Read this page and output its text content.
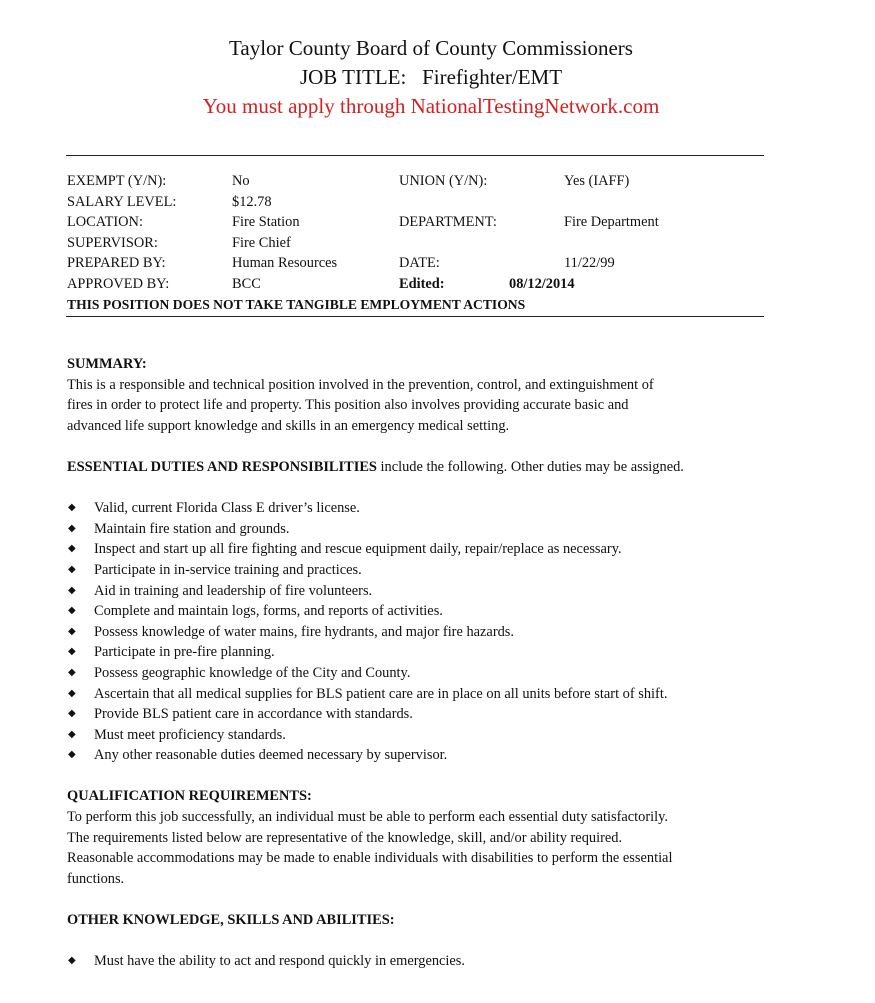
Taylor County Board of County Commissioners
JOB TITLE: Firefighter/EMT
You must apply through NationalTestingNetwork.com
EXEMPT (Y/N):	No	UNION (Y/N):	Yes (IAFF)
SALARY LEVEL:	$12.78
LOCATION:	Fire Station	DEPARTMENT:	Fire Department
SUPERVISOR:	Fire Chief
PREPARED BY:	Human Resources	DATE:	11/22/99
APPROVED BY:	BCC	Edited:	08/12/2014
THIS POSITION DOES NOT TAKE TANGIBLE EMPLOYMENT ACTIONS
SUMMARY:
This is a responsible and technical position involved in the prevention, control, and extinguishment of
fires in order to protect life and property. This position also involves providing accurate basic and
advanced life support knowledge and skills in an emergency medical setting.
ESSENTIAL DUTIES AND RESPONSIBILITIES include the following. Other duties may be assigned.
◆ Valid, current Florida Class E driver’s license.
◆ Maintain fire station and grounds.
◆ Inspect and start up all fire fighting and rescue equipment daily, repair/replace as necessary.
◆ Participate in in-service training and practices.
◆ Aid in training and leadership of fire volunteers.
◆ Complete and maintain logs, forms, and reports of activities.
◆ Possess knowledge of water mains, fire hydrants, and major fire hazards.
◆ Participate in pre-fire planning.
◆ Possess geographic knowledge of the City and County.
◆ Ascertain that all medical supplies for BLS patient care are in place on all units before start of shift.
◆ Provide BLS patient care in accordance with standards.
◆ Must meet proficiency standards.
◆ Any other reasonable duties deemed necessary by supervisor.
QUALIFICATION REQUIREMENTS:
To perform this job successfully, an individual must be able to perform each essential duty satisfactorily.
The requirements listed below are representative of the knowledge, skill, and/or ability required.
Reasonable accommodations may be made to enable individuals with disabilities to perform the essential
functions.
OTHER KNOWLEDGE, SKILLS AND ABILITIES:
◆ Must have the ability to act and respond quickly in emergencies.
